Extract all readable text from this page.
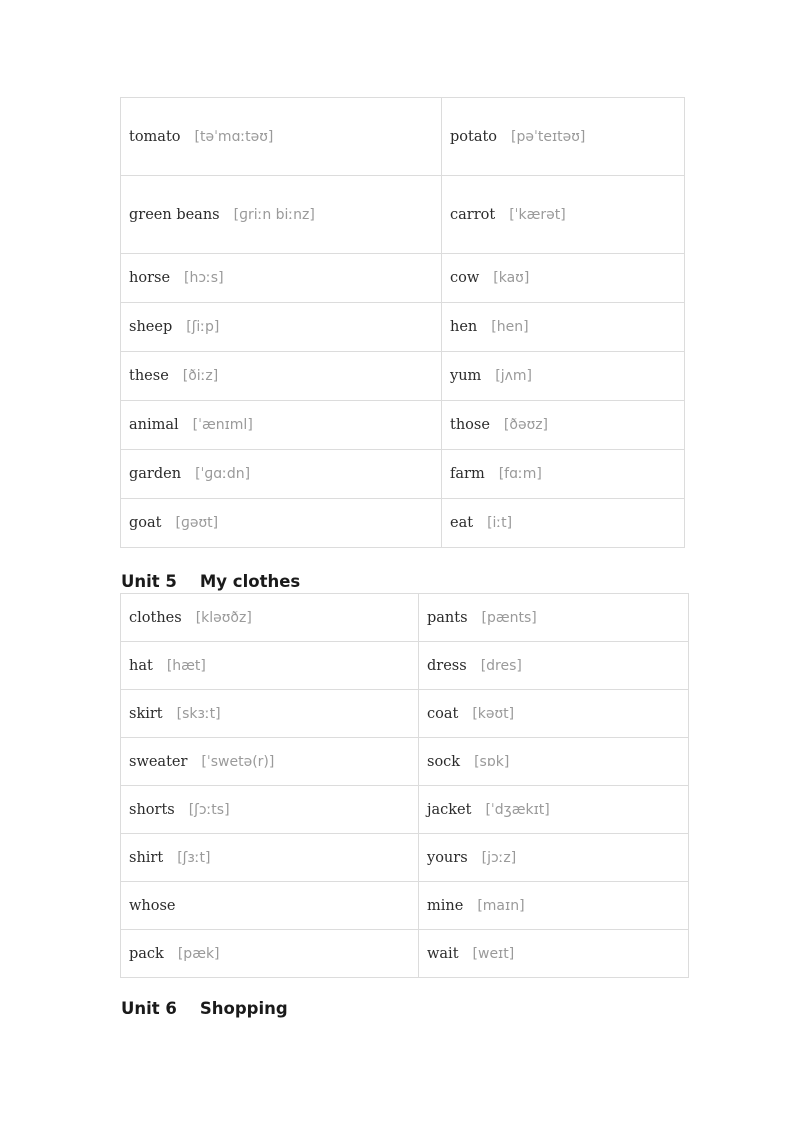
tomato [təˈmɑːtəʊ]	potato [pəˈteɪtəʊ]
green beans [ɡriːn biːnz]	carrot [ˈkærət]
horse [hɔːs]	cow [kaʊ]
sheep [ʃiːp]	hen [hen]
these [ðiːz]	yum [jʌm]
animal [ˈænɪml]	those [ðəʊz]
garden [ˈɡɑːdn]	farm [fɑːm]
goat [ɡəʊt]	eat [iːt]
Unit 5    My clothes
clothes [kləʊðz]	pants [pænts]
hat [hæt]	dress [dres]
skirt [skɜːt]	coat [kəʊt]
sweater [ˈswetə(r)]	sock [sɒk]
shorts [ʃɔːts]	jacket [ˈdʒækɪt]
shirt [ʃɜːt]	yours [jɔːz]
whose	mine [maɪn]
pack [pæk]	wait [weɪt]
Unit 6    Shopping
